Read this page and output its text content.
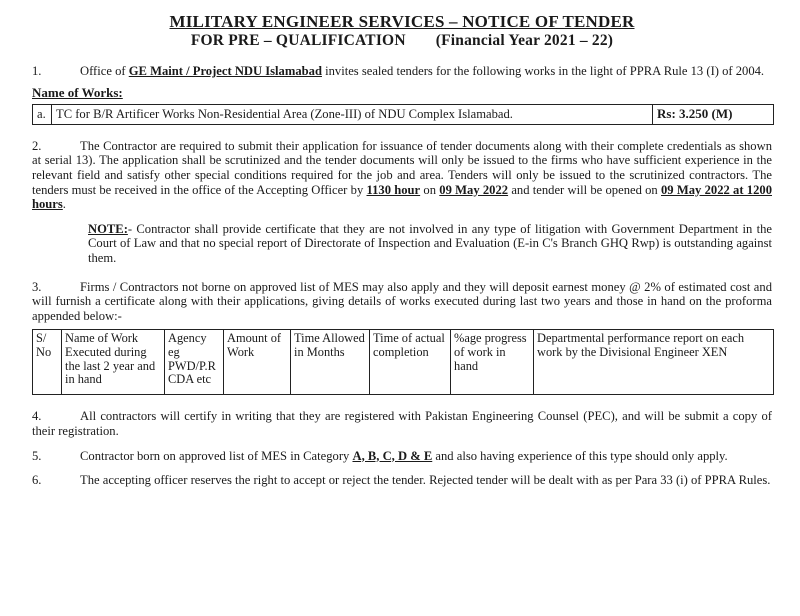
MILITARY ENGINEER SERVICES – NOTICE OF TENDER
FOR PRE – QUALIFICATION (Financial Year 2021 – 22)

1.	Office of GE Maint / Project NDU Islamabad invites sealed tenders for the following works in the light of PPRA Rule 13 (I) of 2004.

Name of Works:
a.	TC for B/R Artificer Works Non-Residential Area (Zone-III) of NDU Complex Islamabad.	Rs: 3.250 (M)

2.	The Contractor are required to submit their application for issuance of tender documents along with their complete credentials as shown at serial 13). The application shall be scrutinized and the tender documents will only be issued to the firms who have sufficient experience in the relevant field and satisfy other special conditions required for the job and area. Tenders will only be issued to the scrutinized contractors. The tenders must be received in the office of the Accepting Officer by 1130 hour on 09 May 2022 and tender will be opened on 09 May 2022 at 1200 hours.

NOTE:- Contractor shall provide certificate that they are not involved in any type of litigation with Government Department in the Court of Law and that no special report of Directorate of Inspection and Evaluation (E-in C's Branch GHQ Rwp) is outstanding against them.

3.	Firms / Contractors not borne on approved list of MES may also apply and they will deposit earnest money @ 2% of estimated cost and will furnish a certificate along with their applications, giving details of works executed during last two years and those in hand on the proforma appended below:-

S/ No	Name of Work Executed during the last 2 year and in hand	Agency eg PWD/P.R CDA etc	Amount of Work	Time Allowed in Months	Time of actual completion	%age progress of work in hand	Departmental performance report on each work by the Divisional Engineer XEN

4.	All contractors will certify in writing that they are registered with Pakistan Engineering Counsel (PEC), and will be submit a copy of their registration.

5.	Contractor born on approved list of MES in Category A, B, C, D & E and also having experience of this type should only apply.

6.	The accepting officer reserves the right to accept or reject the tender. Rejected tender will be dealt with as per Para 33 (i) of PPRA Rules.
